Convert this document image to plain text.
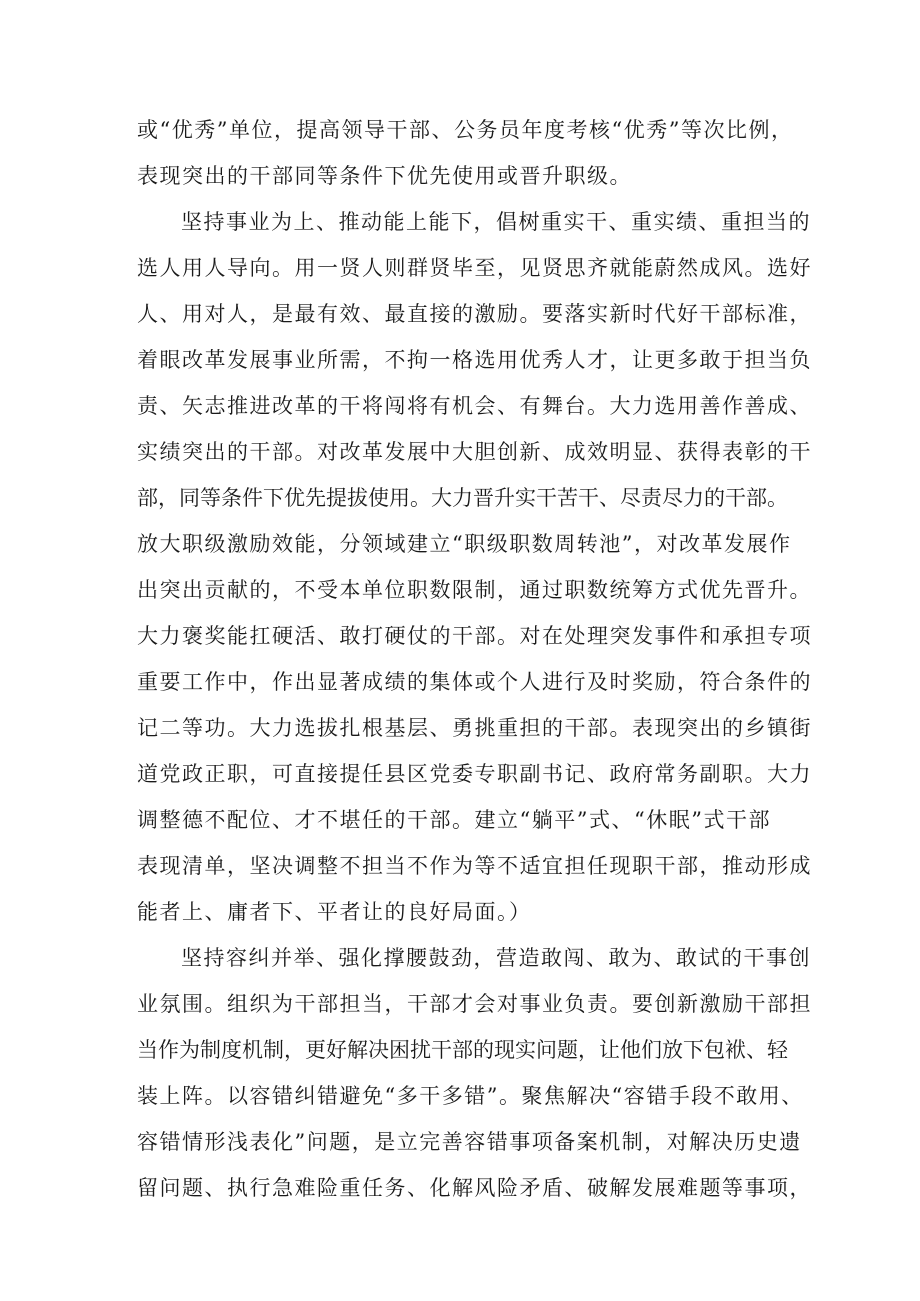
或“优秀”单位，提高领导干部、公务员年度考核“优秀”等次比例，
表现突出的干部同等条件下优先使用或晋升职级。
坚持事业为上、推动能上能下，倡树重实干、重实绩、重担当的
选人用人导向。用一贤人则群贤毕至，见贤思齐就能蔚然成风。选好
人、用对人，是最有效、最直接的激励。要落实新时代好干部标准，
着眼改革发展事业所需，不拘一格选用优秀人才，让更多敢于担当负
责、矢志推进改革的干将闯将有机会、有舞台。大力选用善作善成、
实绩突出的干部。对改革发展中大胆创新、成效明显、获得表彰的干
部，同等条件下优先提拔使用。大力晋升实干苦干、尽责尽力的干部。
放大职级激励效能，分领域建立“职级职数周转池”，对改革发展作
出突出贡献的，不受本单位职数限制，通过职数统筹方式优先晋升。
大力褒奖能扛硬活、敢打硬仗的干部。对在处理突发事件和承担专项
重要工作中，作出显著成绩的集体或个人进行及时奖励，符合条件的
记二等功。大力选拔扎根基层、勇挑重担的干部。表现突出的乡镇街
道党政正职，可直接提任县区党委专职副书记、政府常务副职。大力
调整德不配位、才不堪任的干部。建立“躺平”式、“休眠”式干部
表现清单，坚决调整不担当不作为等不适宜担任现职干部，推动形成
能者上、庸者下、平者让的良好局面。）
坚持容纠并举、强化撑腰鼓劲，营造敢闯、敢为、敢试的干事创
业氛围。组织为干部担当，干部才会对事业负责。要创新激励干部担
当作为制度机制，更好解决困扰干部的现实问题，让他们放下包袱、轻
装上阵。以容错纠错避免“多干多错”。聚焦解决“容错手段不敢用、
容错情形浅表化”问题，是立完善容错事项备案机制，对解决历史遗
留问题、执行急难险重任务、化解风险矛盾、破解发展难题等事项，
